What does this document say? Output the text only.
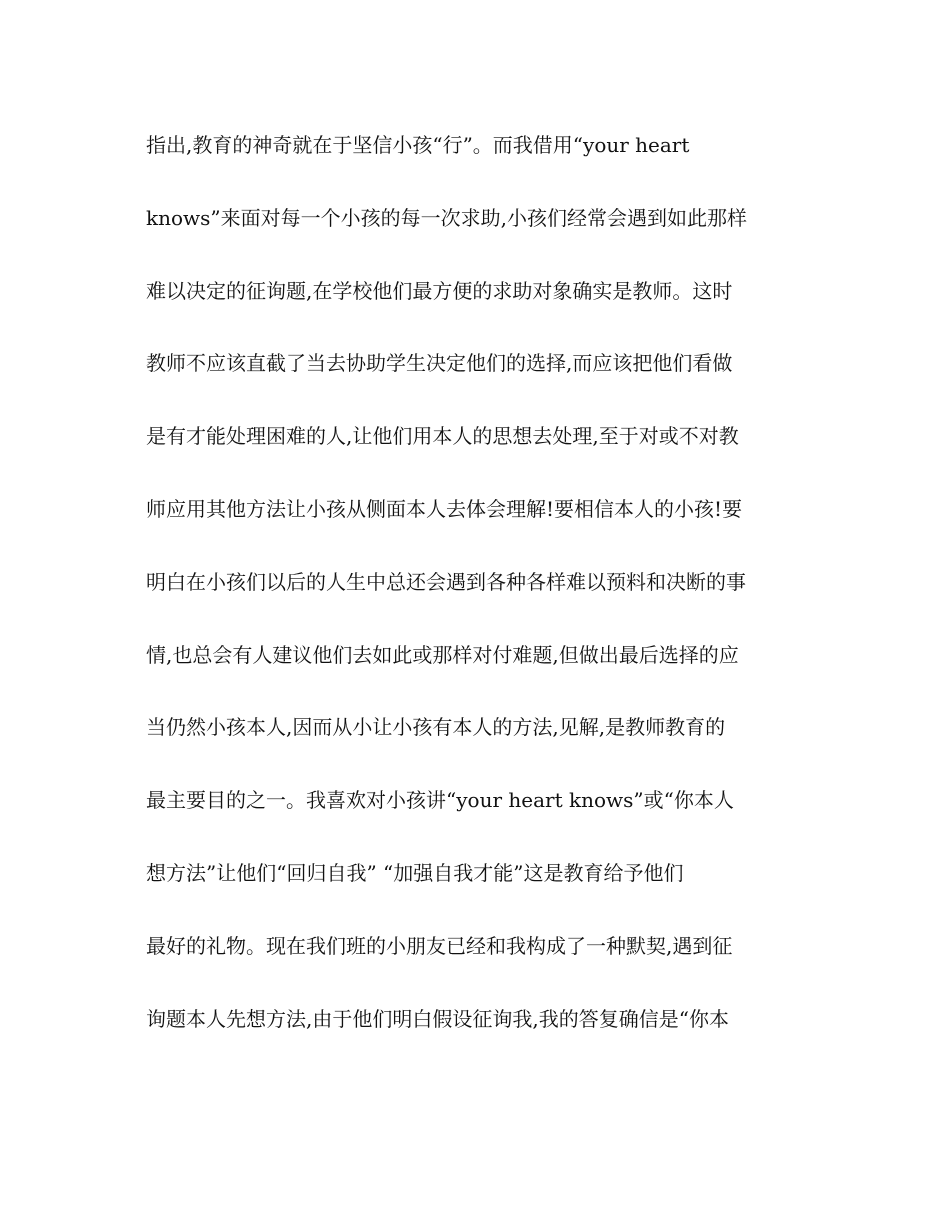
指出,教育的神奇就在于坚信小孩“行”。而我借用“your heart
knows”来面对每一个小孩的每一次求助,小孩们经常会遇到如此那样
难以决定的征询题,在学校他们最方便的求助对象确实是教师。这时
教师不应该直截了当去协助学生决定他们的选择,而应该把他们看做
是有才能处理困难的人,让他们用本人的思想去处理,至于对或不对教
师应用其他方法让小孩从侧面本人去体会理解!要相信本人的小孩!要
明白在小孩们以后的人生中总还会遇到各种各样难以预料和决断的事
情,也总会有人建议他们去如此或那样对付难题,但做出最后选择的应
当仍然小孩本人,因而从小让小孩有本人的方法,见解,是教师教育的
最主要目的之一。我喜欢对小孩讲“your heart knows”或“你本人
想方法”让他们“回归自我” “加强自我才能”这是教育给予他们
最好的礼物。现在我们班的小朋友已经和我构成了一种默契,遇到征
询题本人先想方法,由于他们明白假设征询我,我的答复确信是“你本
